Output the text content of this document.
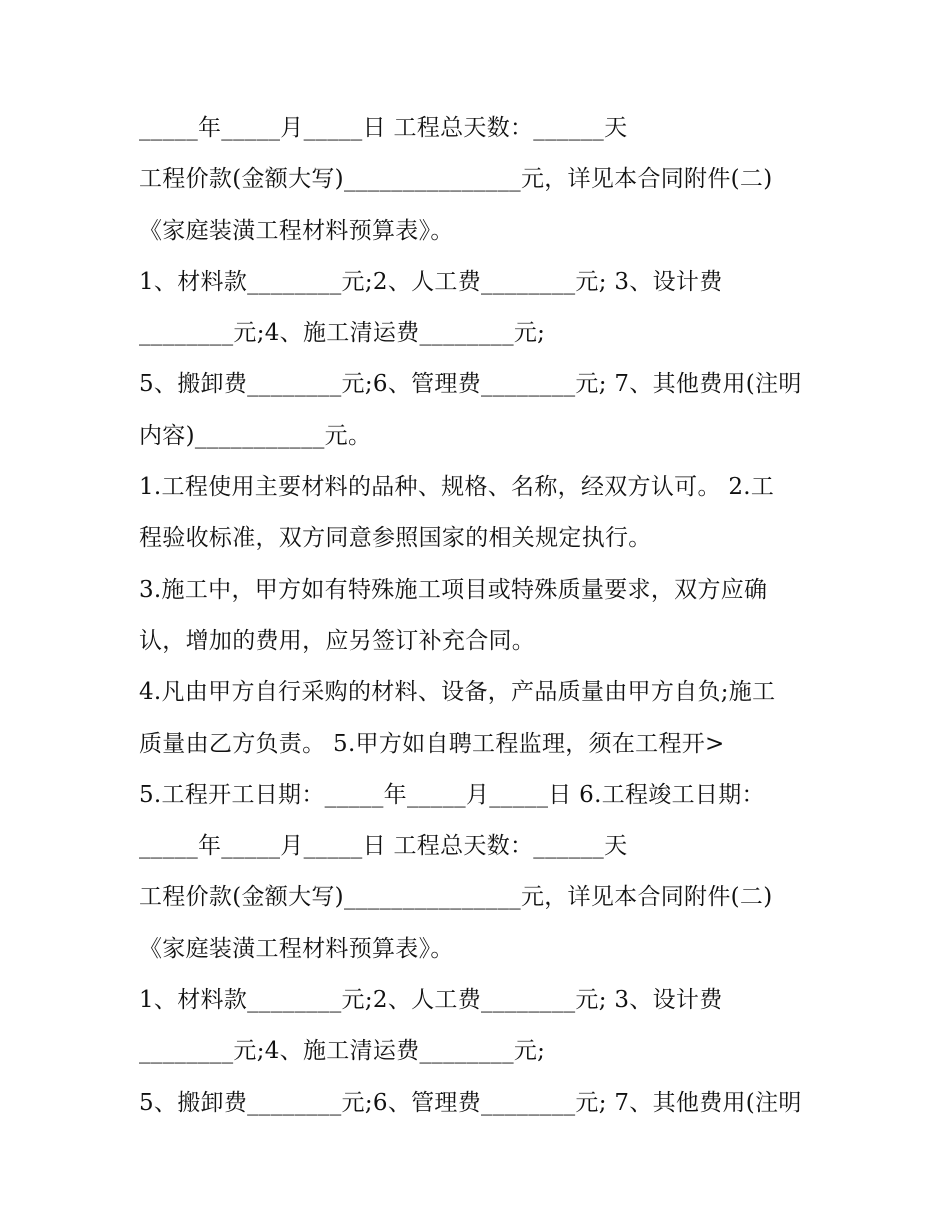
_____年_____月_____日 工程总天数：______天
工程价款(金额大写)_______________元，详见本合同附件(二)
《家庭装潢工程材料预算表》。
1、材料款________元;2、人工费________元; 3、设计费
________元;4、施工清运费________元;
5、搬卸费________元;6、管理费________元; 7、其他费用(注明
内容)___________元。
1.工程使用主要材料的品种、规格、名称，经双方认可。 2.工
程验收标准，双方同意参照国家的相关规定执行。
3.施工中，甲方如有特殊施工项目或特殊质量要求，双方应确
认，增加的费用，应另签订补充合同。
4.凡由甲方自行采购的材料、设备，产品质量由甲方自负;施工
质量由乙方负责。 5.甲方如自聘工程监理，须在工程开>
5.工程开工日期：_____年_____月_____日 6.工程竣工日期：
_____年_____月_____日 工程总天数：______天
工程价款(金额大写)_______________元，详见本合同附件(二)
《家庭装潢工程材料预算表》。
1、材料款________元;2、人工费________元; 3、设计费
________元;4、施工清运费________元;
5、搬卸费________元;6、管理费________元; 7、其他费用(注明
